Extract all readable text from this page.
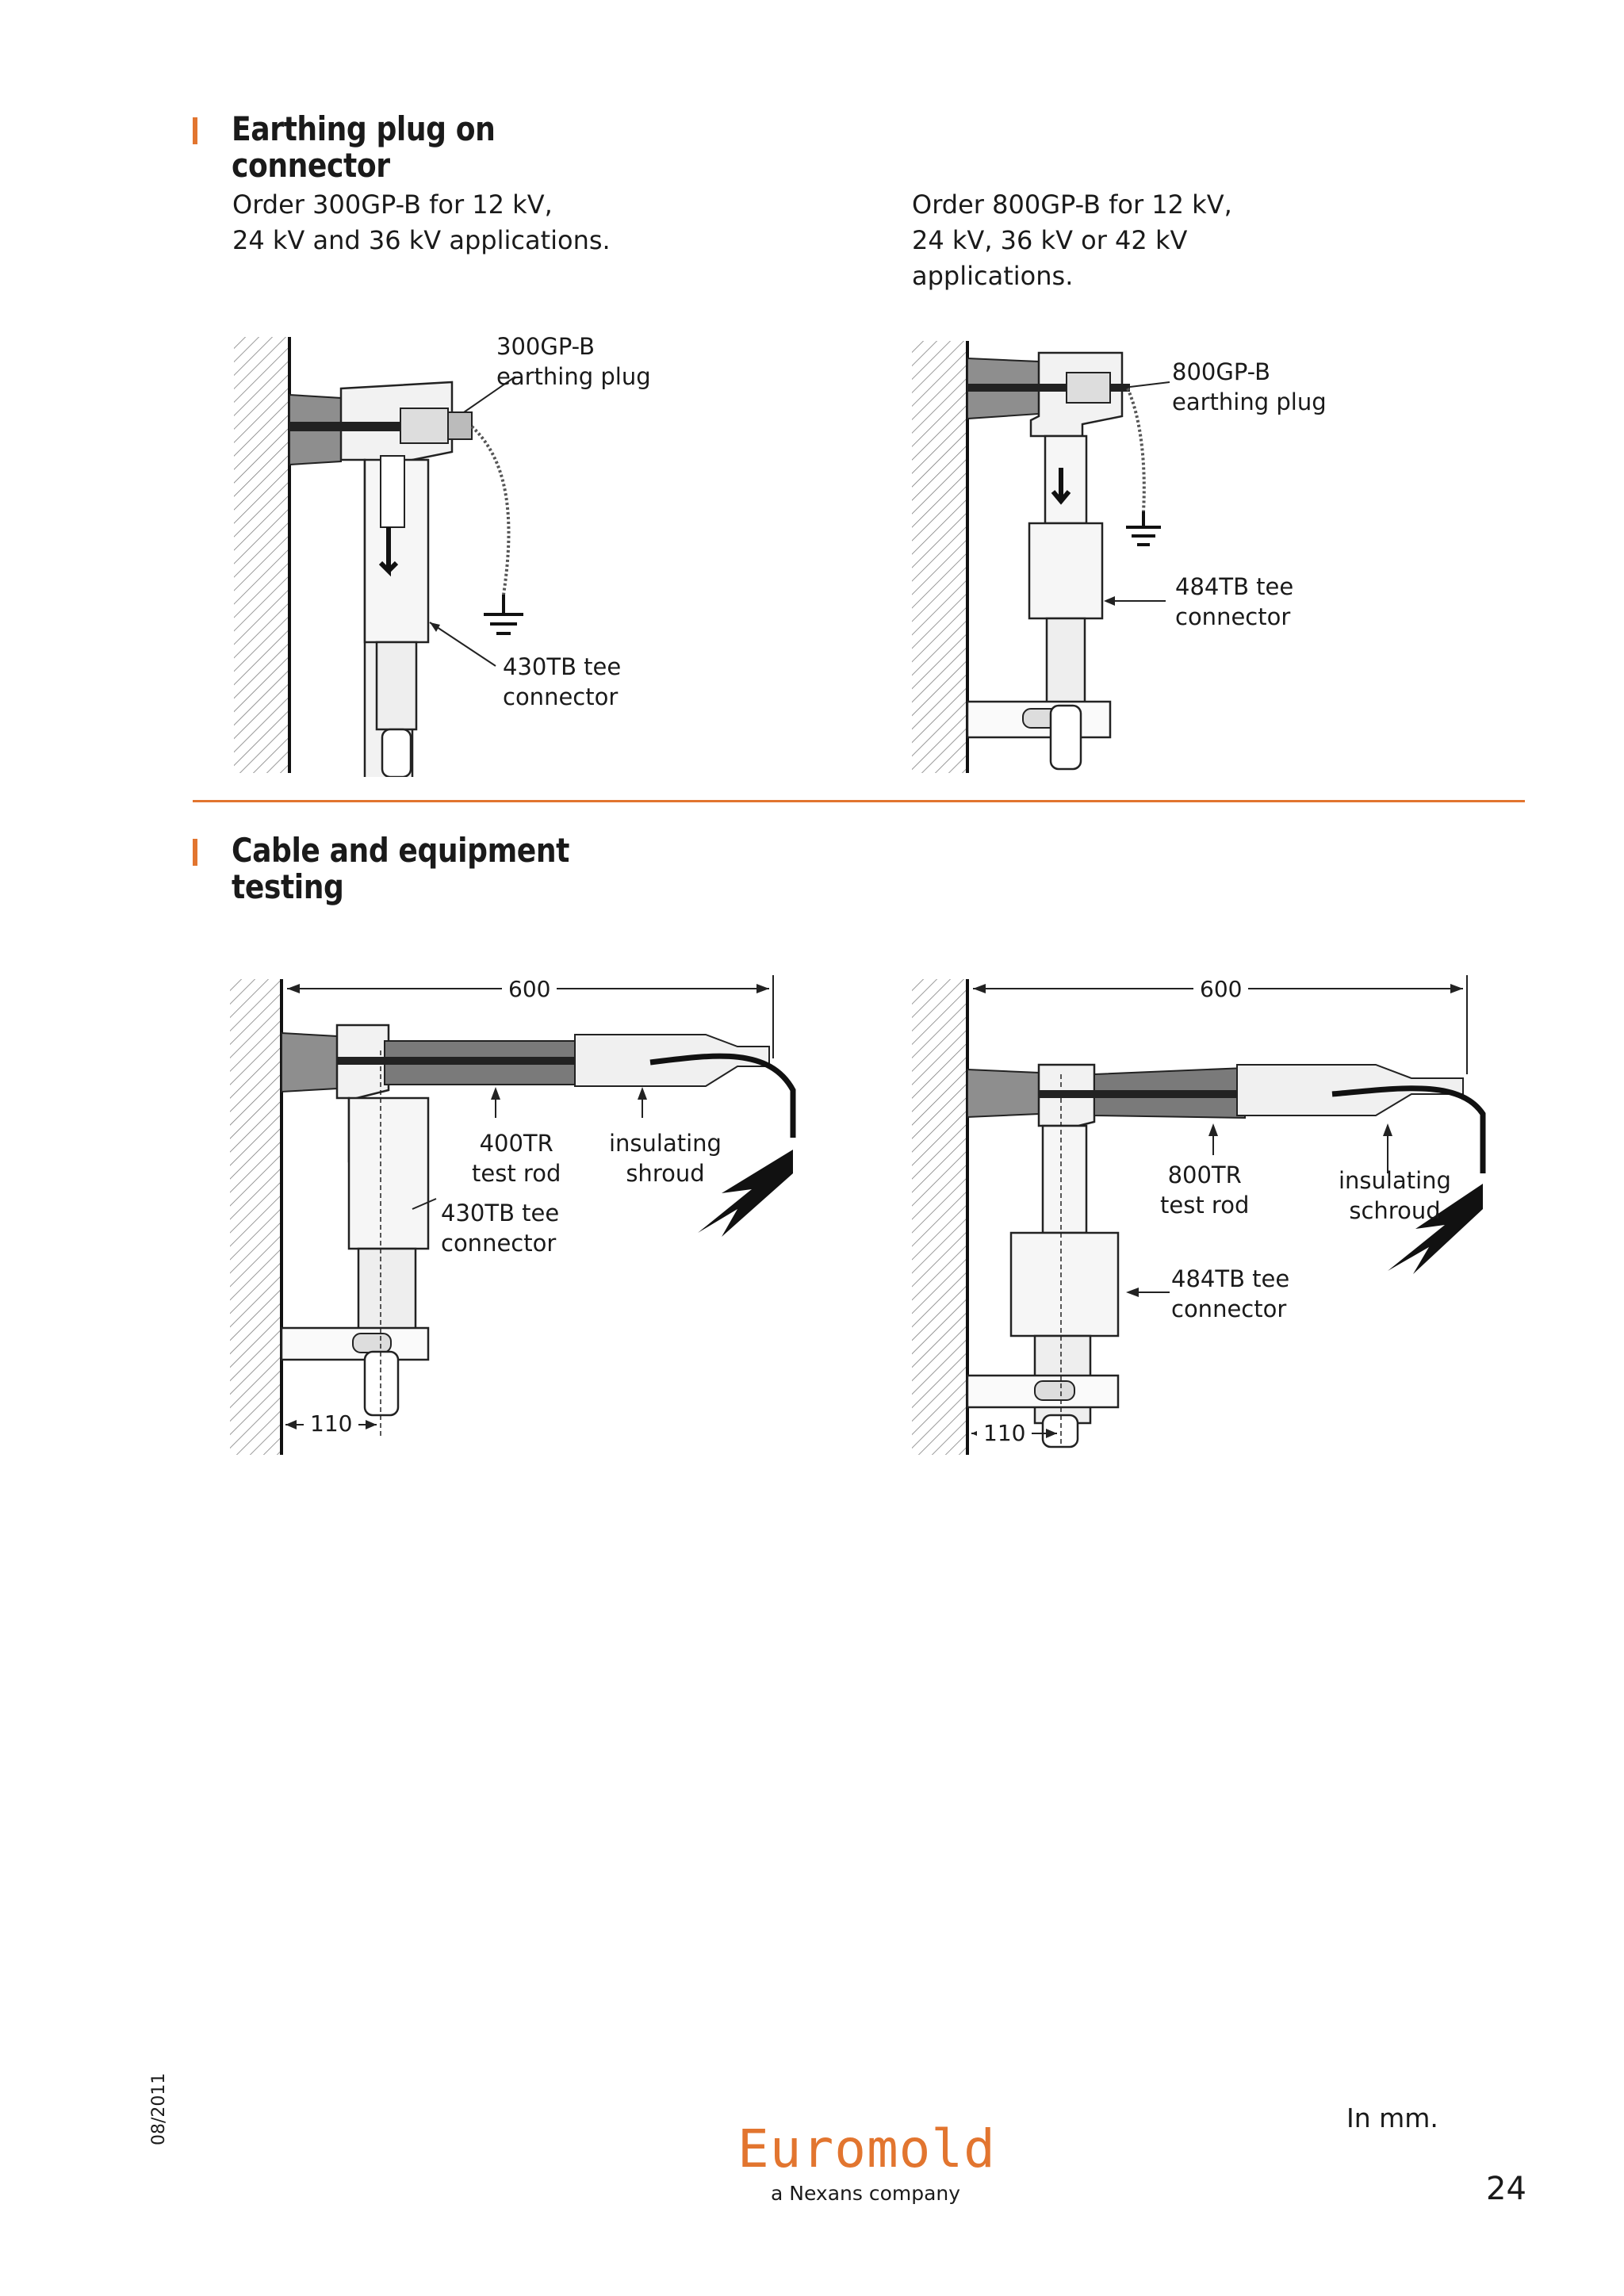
Earthing plug on
connector
Order 300GP-B for 12 kV,
24 kV and 36 kV applications.
Order 800GP-B for 12 kV,
24 kV, 36 kV or 42 kV
applications.
300GP-B
earthing plug
430TB tee
connector
800GP-B
earthing plug
484TB tee
connector
Cable and equipment
testing
600
110
400TR
test rod
insulating
shroud
430TB tee
connector
600
110
800TR
test rod
insulating
schroud
484TB tee
connector
08/2011
Euromold
a Nexans company
In mm.
24
